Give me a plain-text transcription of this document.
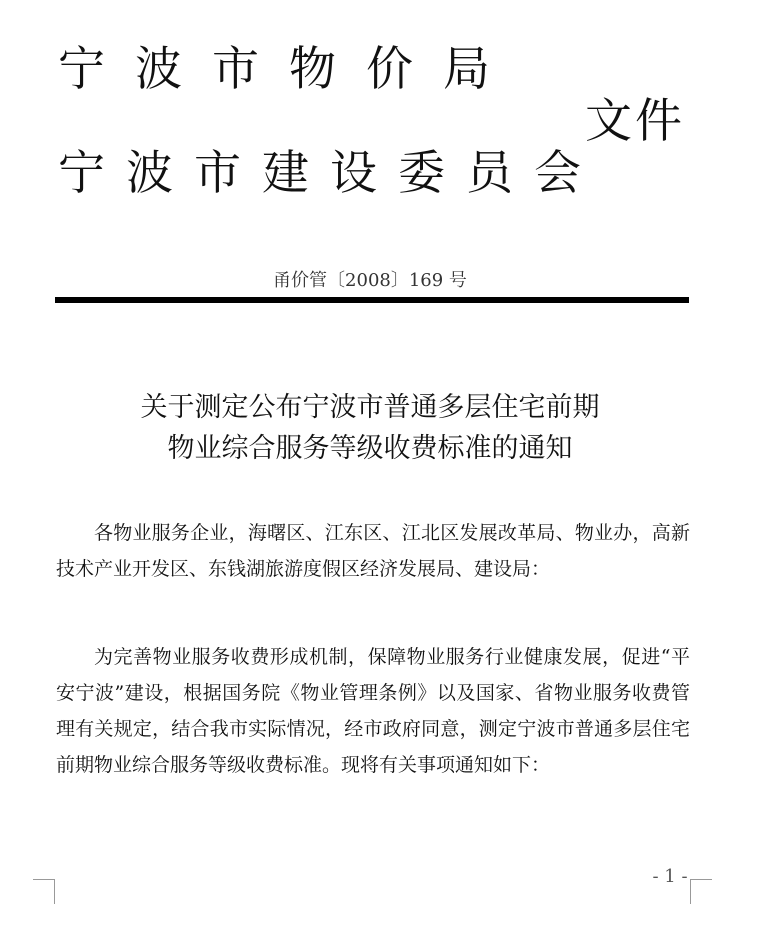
宁波市物价局
宁波市建设委员会
文件
甬价管〔2008〕169 号
关于测定公布宁波市普通多层住宅前期
物业综合服务等级收费标准的通知

各物业服务企业，海曙区、江东区、江北区发展改革局、物业办，高新技术产业开发区、东钱湖旅游度假区经济发展局、建设局：

为完善物业服务收费形成机制，保障物业服务行业健康发展，促进“平安宁波”建设，根据国务院《物业管理条例》以及国家、省物业服务收费管理有关规定，结合我市实际情况，经市政府同意，测定宁波市普通多层住宅前期物业综合服务等级收费标准。现将有关事项通知如下：

- 1 -
